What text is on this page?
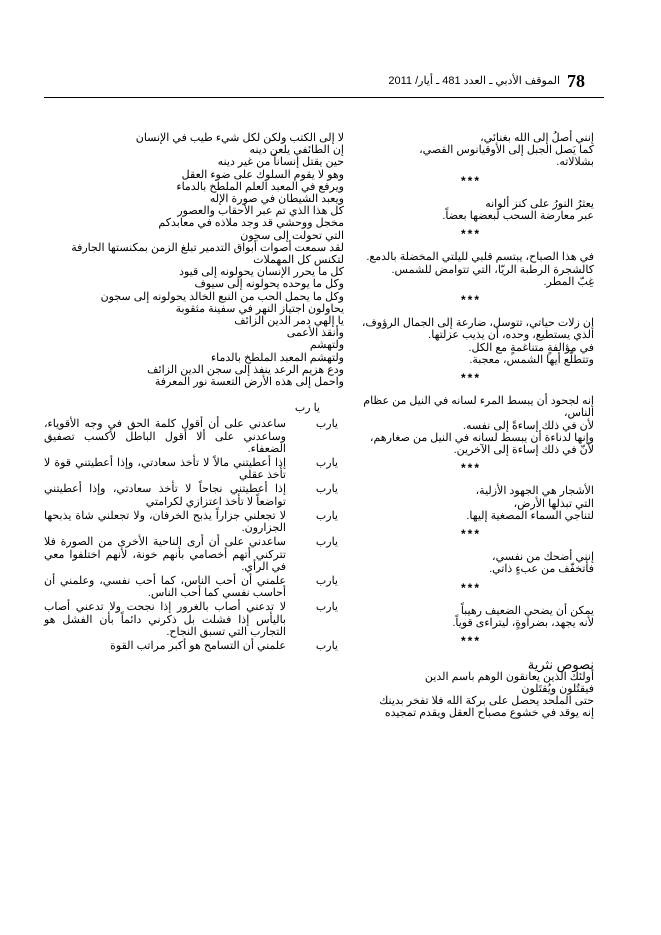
78
الموقف الأدبي ـ العدد 481 ـ أيار/ 2011
إنني أصلُ إلى الله بغنائي،
كما يَصل الجبل إلى الأوقيانوس القصي،
بشلالاته.
***
يعثرُ النورُ على كنز ألوانه
عبر معارضة السحب لبعضها بعضاً.
***
في هذا الصباح، يبتسم قلبي لليلتي المخضلة بالدمع.
كالشجرة الرطبة الريّا، التي تتوامض للشمس.
غِبّ المطر.
***
إن زلات حياتي، تتوسل، ضارعة إلى الجمال الرؤوف،
الذي يستطيع، وحده، أن يذيب عزلتها.
في مؤالفةٍ متناغمةٍ مع الكل.
وتتطلّع أيها الشمس، معجبة.
***
إنه لجحود أن يبسط المرء لسانه في النيل من عظام الناس،
لأن في ذلك إساءةً إلى نفسه.
وإنها لدناءة أن يبسط لسانه في النيل من صغارهم،
لأنّ في ذلك إساءة إلى الآخرين.
***
الأشجار هي الجهود الأزلية،
التي تبذلها الأرض،
لتناجي السماء المصغية إليها.
***
إنني أضحك من نفسي،
فأتخفّف من عبءٍ ذاتي.
***
يمكن أن يضحي الضعيف رهيباً
لأنه يجهد، بضراوةٍ، ليتراءى قوياً.
***
نصوص نثرية
أولئك الذين يعانقون الوهم باسم الدين
فيقتُلون ويُقتَلون
حتى الملحد يحصل على بركة الله فلا تفخر بدينك
إنه يوقد في خشوع مصباح العقل ويقدم تمجيده
لا إلى الكتب ولكن لكل شيء طيب في الإنسان
إن الطائفي يلعن دينه
حين يقتل إنساناً من غير دينه
وهو لا يقوم السلوك على ضوء العقل
ويرفع في المعبد العلم الملطخ بالدماء
ويعبد الشيطان في صورة الإله
كل هذا الذي تم عبر الأحقاب والعصور
مخجل ووحشي قد وجد ملاذه في معابدكم
التي تحولت إلى سجون
لقد سمعت أصوات أبواق التدمير تبلغ الزمن بمكنستها الجارفة
لتكنس كل المهملات
كل ما يحرر الإنسان يحولونه إلى قيود
وكل ما يوحده يحولونه إلى سيوف
وكل ما يحمل الحب من النبع الخالد يحولونه إلى سجون
يحاولون اجتياز النهر في سفينة مثقوبة
يا إلهي دمر الدين الزائف
وأنقذ الأعمى
ولتهشم
ولتهشم المعبد الملطخ بالدماء
ودع هزيم الرعد ينفذ إلى سجن الدين الزائف
واحمل إلى هذه الأرض التعسة نور المعرفة
يا رب
يارب
ساعدني على أن أقول كلمة الحق في وجه الأقوياء، وساعدني على ألا أقول الباطل لأكسب تصفيق الضعفاء.
يارب
إذا أعطيتني مالاً لا تأخذ سعادتي، وإذا أعطيتني قوة لا تأخذ عقلي
يارب
إذا أعطيتني نجاحاً لا تأخذ سعادتي، وإذا أعطيتني تواضعاً لا تأخذ اعتزازي لكرامتي
يارب
لا تجعلني جزاراً يذبح الخرفان، ولا تجعلني شاة يذبحها الجزارون.
يارب
ساعدني على أن أرى الناحية الأخرى من الصورة فلا تتركني أتهم أخصامي بأنهم خونة، لأنهم اختلفوا معي في الرأي.
يارب
علمني أن أحب الناس، كما أحب نفسي، وعلمني أن أحاسب نفسي كما أحب الناس.
يارب
لا تدعني أصاب بالغرور إذا نجحت ولا تدعني أصاب باليأس إذا فشلت بل ذكرني دائماً بأن الفشل هو التجارب التي تسبق النجاح.
يارب
علمني أن التسامح هو أكبر مراتب القوة
